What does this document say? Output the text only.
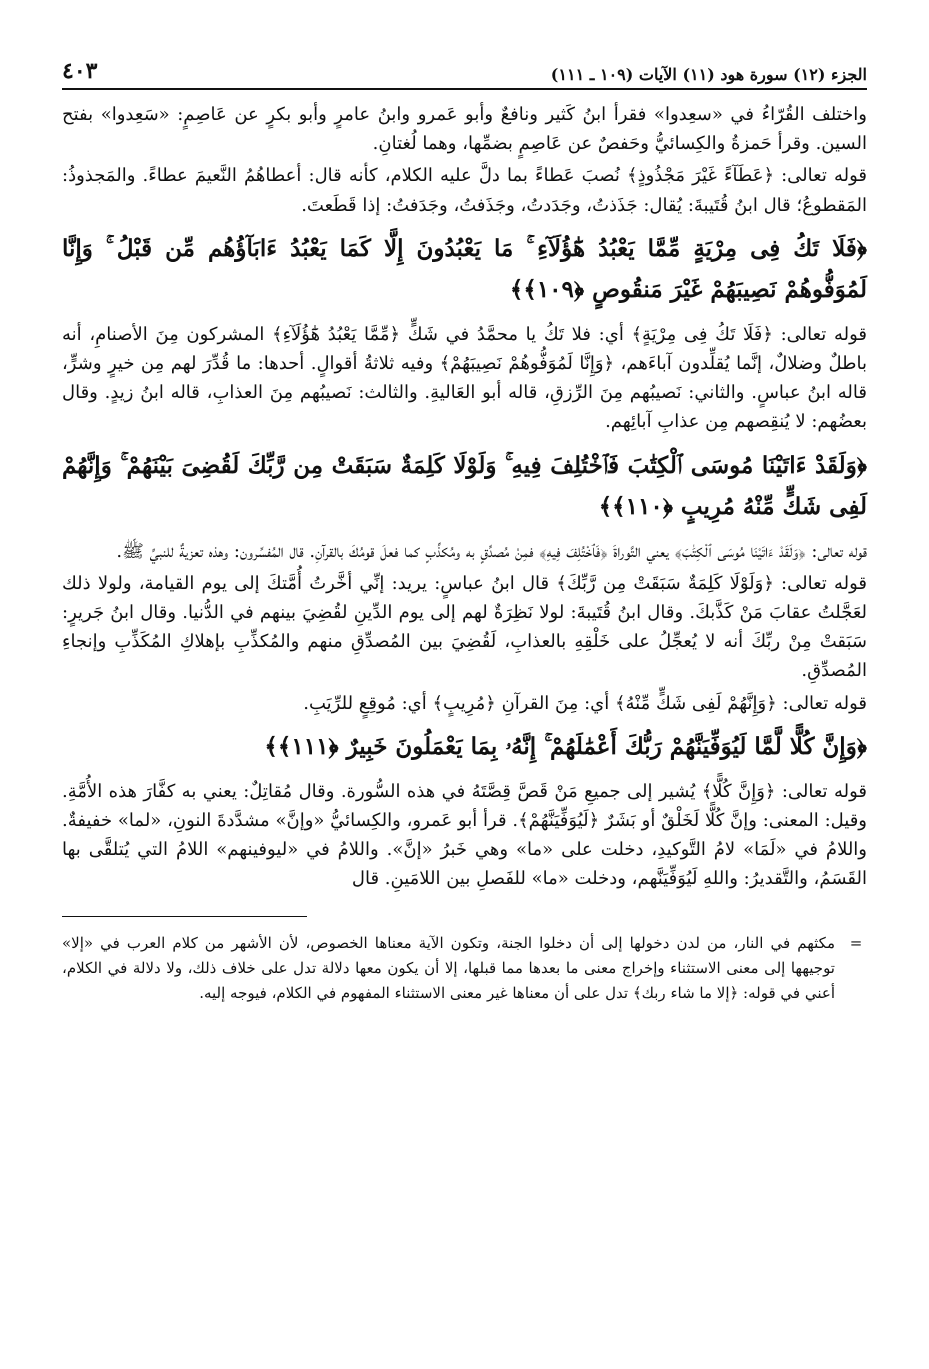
الجزء (١٢) سورة هود (١١) الآيات (١٠٩ ـ ١١١)
٤٠٣

واختلف القُرّاءُ في «سعِدوا» فقرأ ابنُ كَثير ونافعٌ وأبو عَمرو وابنُ عامرٍ وأبو بكرٍ عن عَاصِمٍ: «سَعِدوا» بفتح السين. وقرأ حَمزةُ والكِسائيُّ وحَفصٌ عن عَاصِمٍ بضمِّها، وهما لُغتانِ.

قوله تعالى: ﴿عَطَآءً غَيْرَ مَجْذُوذٍ﴾ نُصبَ عَطاءً بما دلَّ عليه الكلام، كأنه قال: أعطاهُمُ النَّعيمَ عطاءً. والمَجذوذُ: المَقطوعُ؛ قال ابنُ قُتَيبةَ: يُقال: جَذَذتُ، وجَدَدتُ، وجَذَفتُ، وجَدَفتُ: إذا قَطَعتَ.

﴿فَلَا تَكُ فِى مِرْيَةٍ مِّمَّا يَعْبُدُ هَٰٓؤُلَآءِ ۚ مَا يَعْبُدُونَ إِلَّا كَمَا يَعْبُدُ ءَابَآؤُهُم مِّن قَبْلُ ۚ وَإِنَّا لَمُوَفُّوهُمْ نَصِيبَهُمْ غَيْرَ مَنقُوصٍ ﴿١٠٩﴾﴾

قوله تعالى: ﴿فَلَا تَكُ فِى مِرْيَةٍ﴾ أي: فلا تَكُ يا محمَّدُ في شَكٍّ ﴿مِّمَّا يَعْبُدُ هَٰٓؤُلَآءِ﴾ المشركون مِنَ الأصنامِ، أنه باطلٌ وضلالٌ، إنَّما يُقلِّدون آباءَهم، ﴿وَإِنَّا لَمُوَفُّوهُمْ نَصِيبَهُمْ﴾ وفيه ثلاثةُ أقوالٍ. أحدها: ما قُدِّرَ لهم مِن خيرٍ وشرٍّ، قاله ابنُ عباسٍ. والثاني: نَصيبُهم مِنَ الرِّزقِ، قاله أبو العَاليةِ. والثالث: نَصيبُهم مِنَ العذابِ، قاله ابنُ زيدٍ. وقال بعضُهم: لا يُنقِصهم مِن عذابِ آبائِهم.

﴿وَلَقَدْ ءَاتَيْنَا مُوسَى ٱلْكِتَٰبَ فَٱخْتُلِفَ فِيهِ ۚ وَلَوْلَا كَلِمَةٌ سَبَقَتْ مِن رَّبِّكَ لَقُضِىَ بَيْنَهُمْ ۚ وَإِنَّهُمْ لَفِى شَكٍّ مِّنْهُ مُرِيبٍ ﴿١١٠﴾﴾

قوله تعالى: ﴿وَلَقَدْ ءَاتَيْنَا مُوسَى ٱلْكِتَٰبَ﴾ يعني التَّوراةَ ﴿فَٱخْتُلِفَ فِيهِ﴾ فمِنْ مُصدِّقٍ به ومُكذِّبٍ كما فعلَ قومُكَ بالقرآنِ. قال المُفسِّرون: وهذه تعزيةٌ للنبيِّ ﷺ.

قوله تعالى: ﴿وَلَوْلَا كَلِمَةٌ سَبَقَتْ مِن رَّبِّكَ﴾ قال ابنُ عباسٍ: يريد: إنِّي أخَّرتُ أُمَّتكَ إلى يوم القيامة، ولولا ذلك لعَجَّلتُ عقابَ مَنْ كَذَّبكَ. وقال ابنُ قُتَيبةَ: لولا نَظِرَةٌ لهم إلى يوم الدِّينِ لقُضِيَ بينهم في الدُّنيا. وقال ابنُ جَريرٍ: سَبَقتْ مِنْ ربِّكَ أنه لا يُعجِّلُ على خَلْقِهِ بالعذابِ، لَقُضِيَ بين المُصدِّقِ منهم والمُكذِّبِ بإهلاكِ المُكَذِّبِ وإنجاءِ المُصدِّقِ.

قوله تعالى: ﴿وَإِنَّهُمْ لَفِى شَكٍّ مِّنْهُ﴾ أي: مِنَ القرآنِ ﴿مُرِيبٍ﴾ أي: مُوقِعٍ للرِّيَبِ.

﴿وَإِنَّ كُلًّا لَّمَّا لَيُوَفِّيَنَّهُمْ رَبُّكَ أَعْمَٰلَهُمْ ۚ إِنَّهُۥ بِمَا يَعْمَلُونَ خَبِيرٌ ﴿١١١﴾﴾

قوله تعالى: ﴿وَإِنَّ كُلًّا﴾ يُشير إلى جميعِ مَنْ قَصَّ قِصَّتَهُ في هذه السُّورة. وقال مُقاتِلٌ: يعني به كفَّارَ هذه الأُمَّةِ. وقيل: المعنى: وإنَّ كُلًّا لَخَلْقٌ أو بَشَرٌ ﴿لَيُوَفِّيَنَّهُمْ﴾. قرأ أبو عَمرو، والكِسائيُّ «وإنَّ» مشدَّدةَ النونِ، «لما» خفيفةٌ. واللامُ في «لَمَا» لامُ التَّوكيدِ، دخلت على «ما» وهي خَبرُ «إنَّ». واللامُ في «ليوفينهم» اللامُ التي يُتلقَّى بها القَسَمُ، والتَّقديرُ: واللهِ لَيُوَفِّيَنَّهم، ودخلت «ما» للفَصلِ بين اللامَينِ. قال

=
مكثهم في النار، من لدن دخولها إلى أن دخلوا الجنة، وتكون الآية معناها الخصوص، لأن الأشهر من كلام العرب في «إلا» توجيهها إلى معنى الاستثناء وإخراج معنى ما بعدها مما قبلها، إلا أن يكون معها دلالة تدل على خلاف ذلك، ولا دلالة في الكلام، أعني في قوله: ﴿إلا ما شاء ربك﴾ تدل على أن معناها غير معنى الاستثناء المفهوم في الكلام، فيوجه إليه.
